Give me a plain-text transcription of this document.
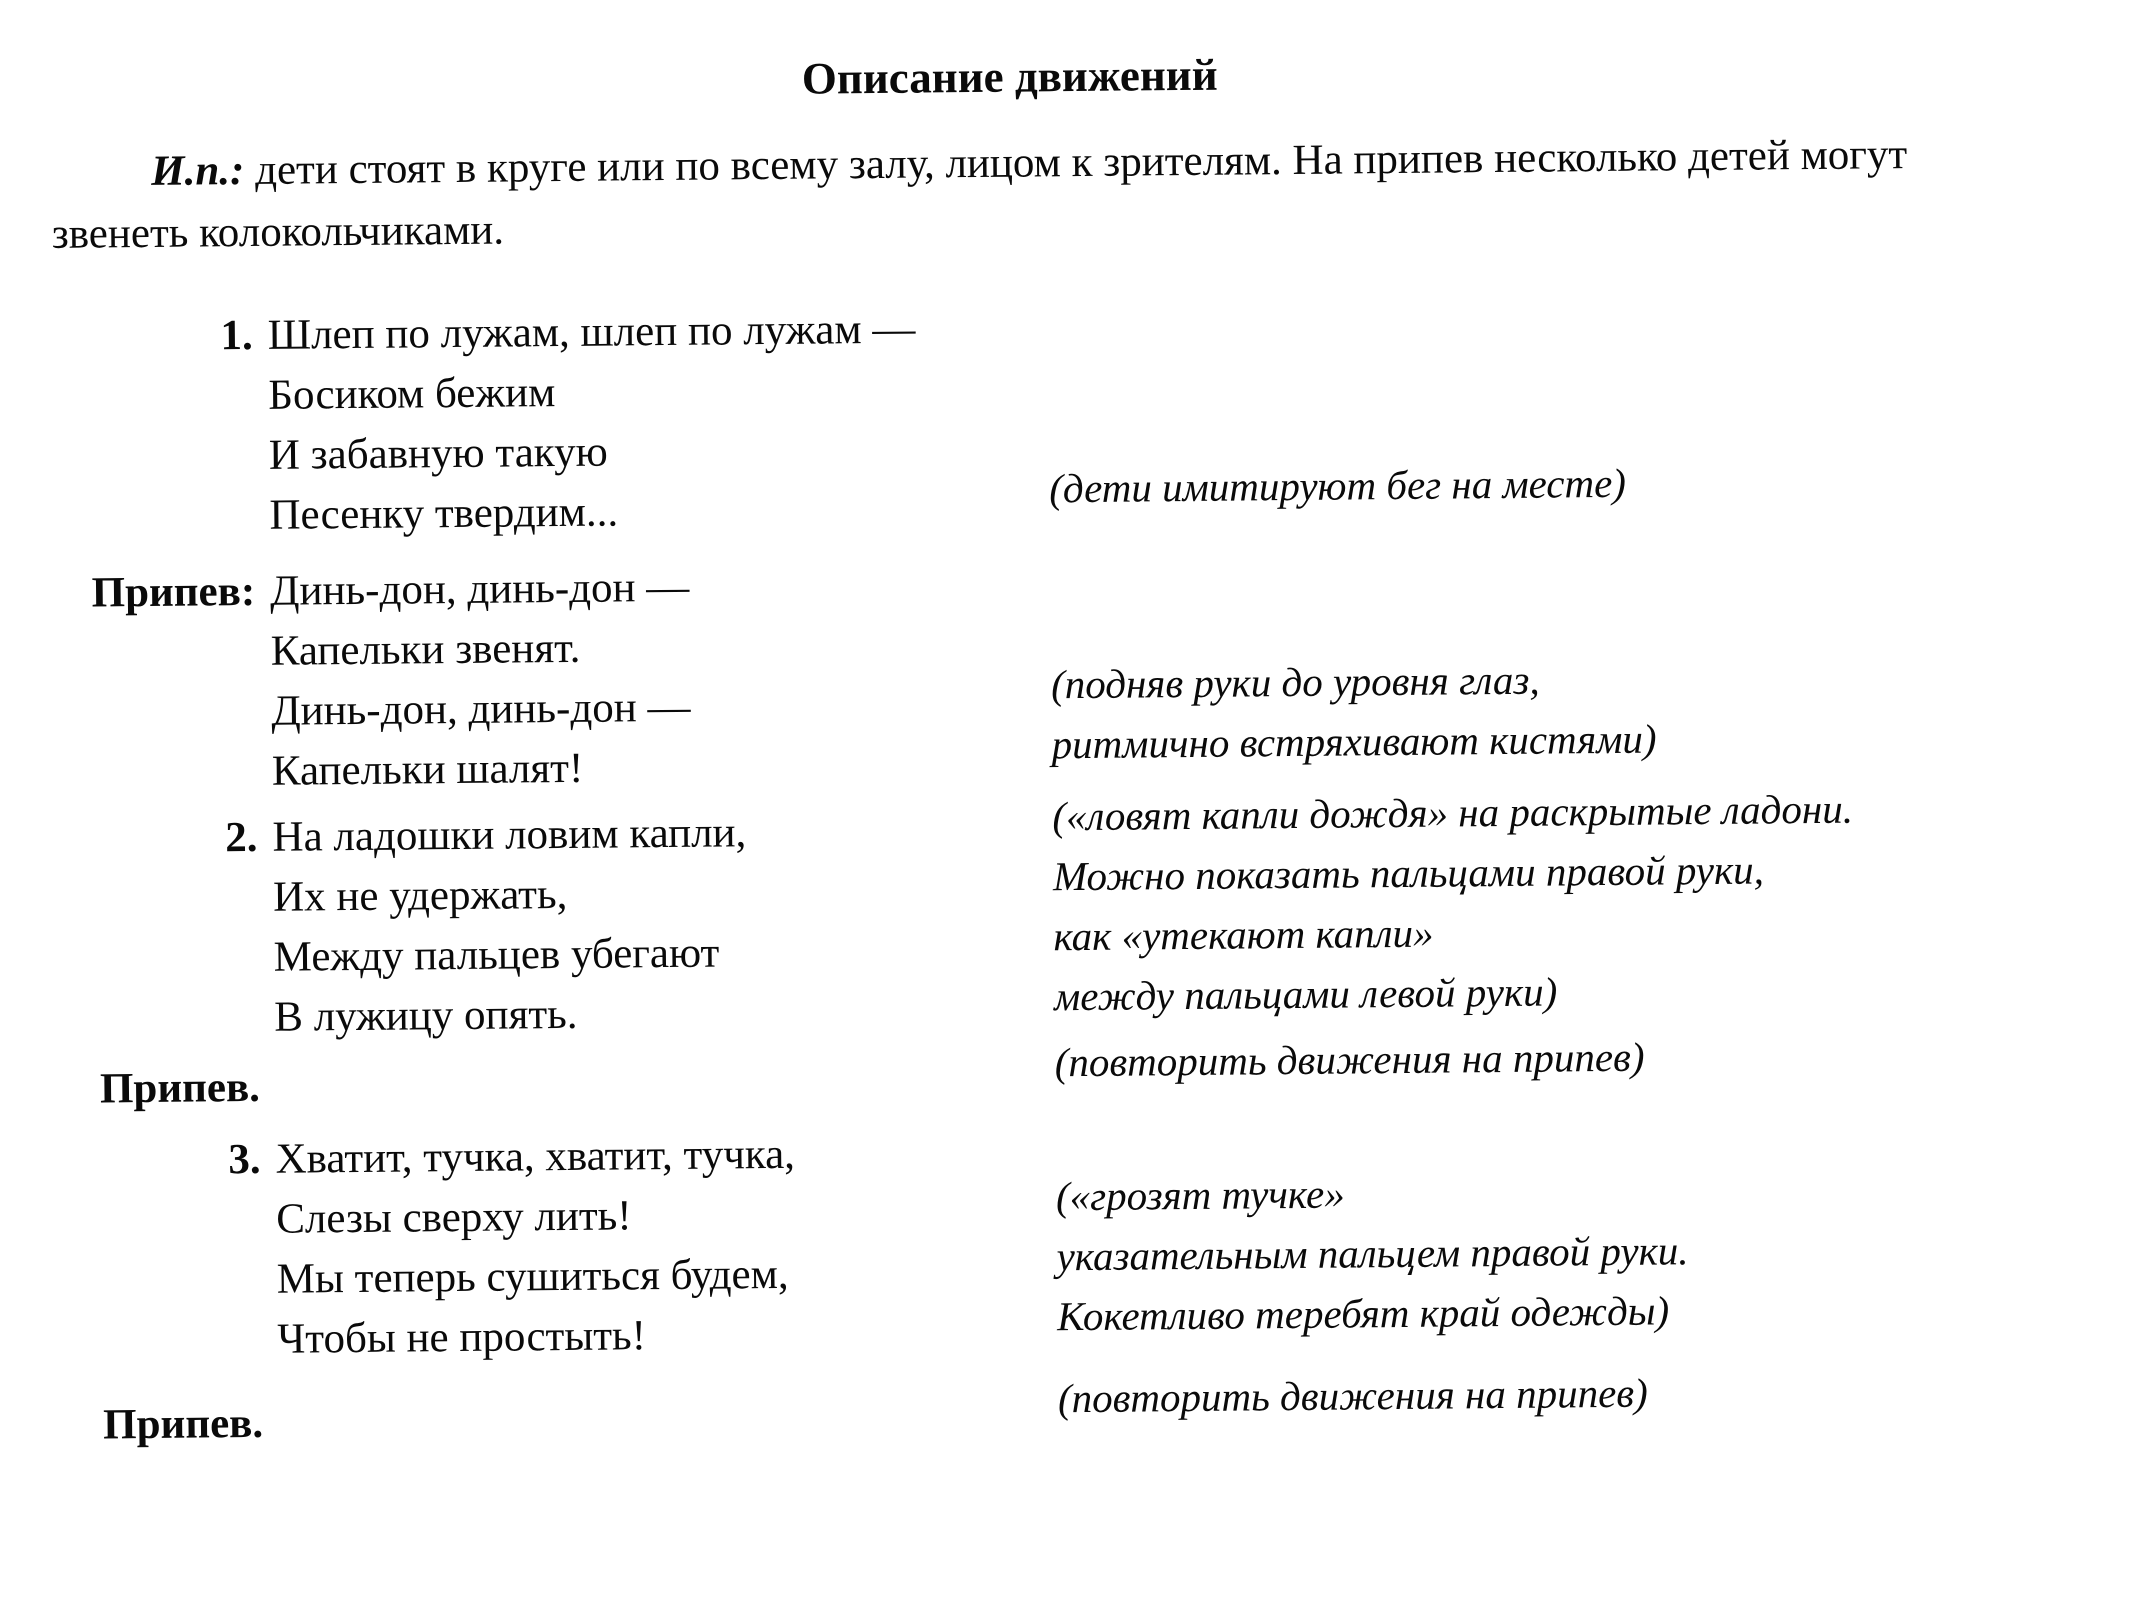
Описание движений

И.п.: дети стоят в круге или по всему залу, лицом к зрителям. На припев несколько детей могут звенеть колокольчиками.

1. Шлеп по лужам, шлеп по лужам —
Босиком бежим
И забавную такую
Песенку твердим...
(дети имитируют бег на месте)
Припев: Динь-дон, динь-дон —
Капельки звенят.
Динь-дон, динь-дон —
Капельки шалят!
(подняв руки до уровня глаз,
ритмично встряхивают кистями)
2. На ладошки ловим капли,
Их не удержать,
Между пальцев убегают
В лужицу опять.
(«ловят капли дождя» на раскрытые ладони.
Можно показать пальцами правой руки,
как «утекают капли»
между пальцами левой руки)
Припев.
(повторить движения на припев)
3. Хватит, тучка, хватит, тучка,
Слезы сверху лить!
Мы теперь сушиться будем,
Чтобы не простыть!
(«грозят тучке»
указательным пальцем правой руки.
Кокетливо теребят край одежды)
Припев.
(повторить движения на припев)
